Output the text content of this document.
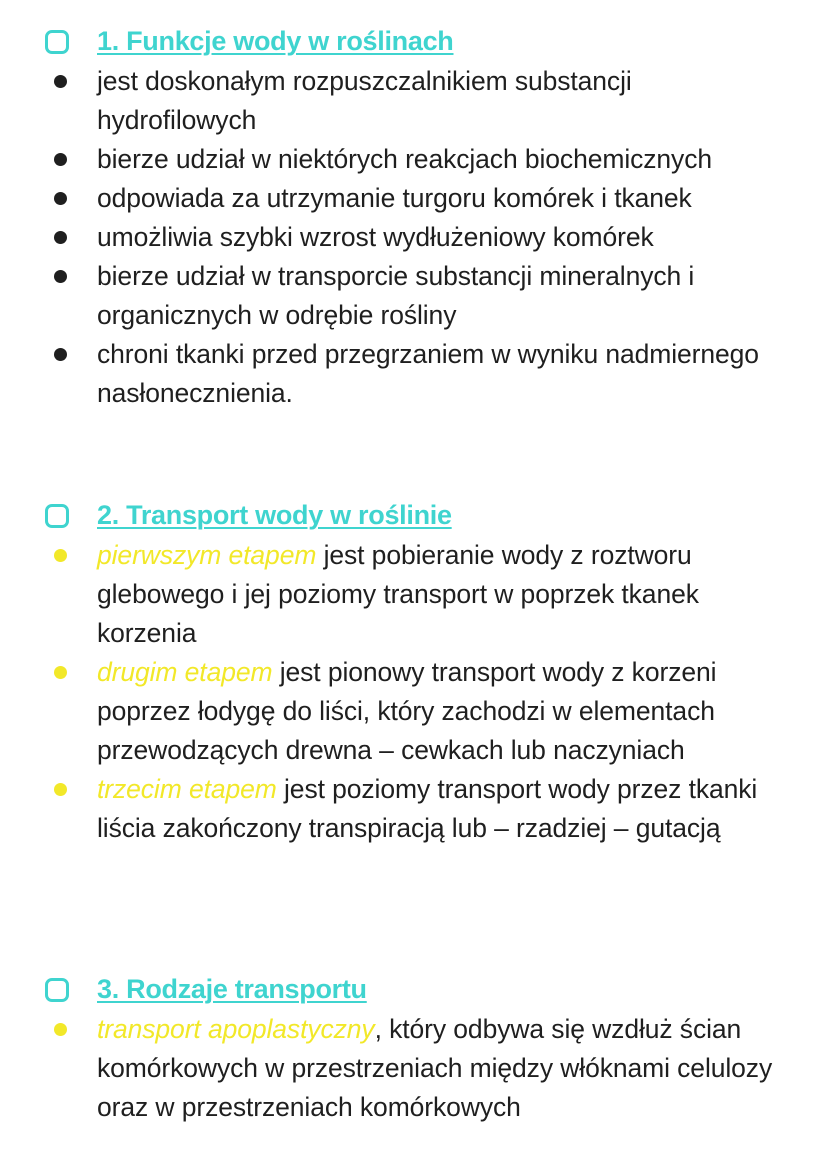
1. Funkcje wody w roślinach
jest doskonałym rozpuszczalnikiem substancji hydrofilowych
bierze udział w niektórych reakcjach biochemicznych
odpowiada za utrzymanie turgoru komórek i tkanek
umożliwia szybki wzrost wydłużeniowy komórek
bierze udział w transporcie substancji mineralnych i organicznych w odrębie rośliny
chroni tkanki przed przegrzaniem w wyniku nadmiernego nasłonecznienia.
2. Transport wody w roślinie
pierwszym etapem jest pobieranie wody z roztworu glebowego i jej poziomy transport w poprzek tkanek korzenia
drugim etapem jest pionowy transport wody z korzeni poprzez łodygę do liści, który zachodzi w elementach przewodzących drewna – cewkach lub naczyniach
trzecim etapem jest poziomy transport wody przez tkanki liścia zakończony transpiracją lub – rzadziej – gutacją
3. Rodzaje transportu
transport apoplastyczny, który odbywa się wzdłuż ścian komórkowych w przestrzeniach między włóknami celulozy oraz w przestrzeniach komórkowych
